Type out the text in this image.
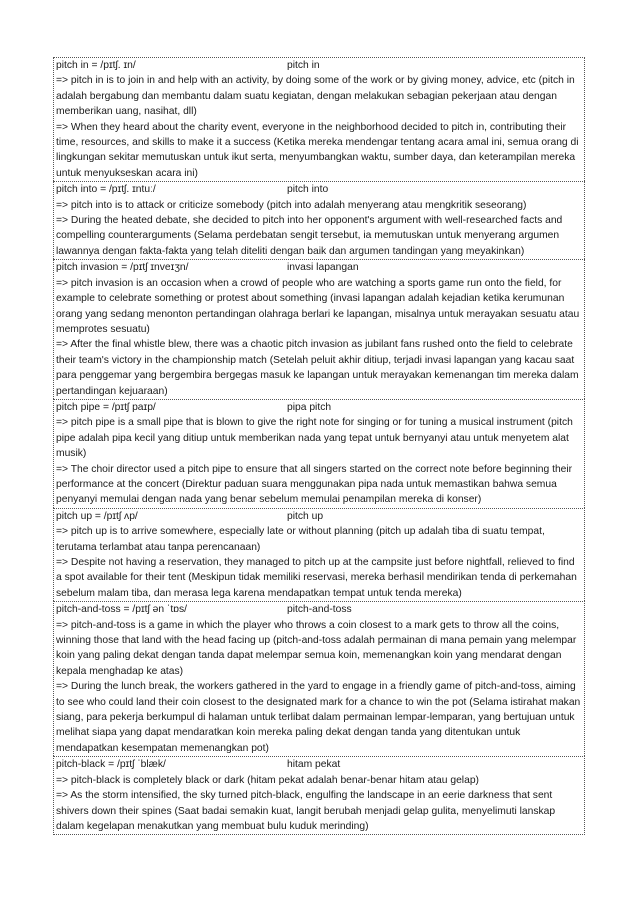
pitch in = /pɪtʃ. ɪn/	pitch in
=> pitch in is to join in and help with an activity, by doing some of the work or by giving money, advice, etc (pitch in adalah bergabung dan membantu dalam suatu kegiatan, dengan melakukan sebagian pekerjaan atau dengan memberikan uang, nasihat, dll)
=> When they heard about the charity event, everyone in the neighborhood decided to pitch in, contributing their time, resources, and skills to make it a success (Ketika mereka mendengar tentang acara amal ini, semua orang di lingkungan sekitar memutuskan untuk ikut serta, menyumbangkan waktu, sumber daya, dan keterampilan mereka untuk menyukseskan acara ini)
pitch into = /pɪtʃ. ɪntuː/	pitch into
=> pitch into is to attack or criticize somebody (pitch into adalah menyerang atau mengkritik seseorang)
=> During the heated debate, she decided to pitch into her opponent's argument with well-researched facts and compelling counterarguments (Selama perdebatan sengit tersebut, ia memutuskan untuk menyerang argumen lawannya dengan fakta-fakta yang telah diteliti dengan baik dan argumen tandingan yang meyakinkan)
pitch invasion = /pɪtʃ ɪnveɪʒn/	invasi lapangan
=> pitch invasion is an occasion when a crowd of people who are watching a sports game run onto the field, for example to celebrate something or protest about something (invasi lapangan adalah kejadian ketika kerumunan orang yang sedang menonton pertandingan olahraga berlari ke lapangan, misalnya untuk merayakan sesuatu atau memprotes sesuatu)
=> After the final whistle blew, there was a chaotic pitch invasion as jubilant fans rushed onto the field to celebrate their team's victory in the championship match (Setelah peluit akhir ditiup, terjadi invasi lapangan yang kacau saat para penggemar yang bergembira bergegas masuk ke lapangan untuk merayakan kemenangan tim mereka dalam pertandingan kejuaraan)
pitch pipe = /pɪtʃ paɪp/	pipa pitch
=> pitch pipe is a small pipe that is blown to give the right note for singing or for tuning a musical instrument (pitch pipe adalah pipa kecil yang ditiup untuk memberikan nada yang tepat untuk bernyanyi atau untuk menyetem alat musik)
=> The choir director used a pitch pipe to ensure that all singers started on the correct note before beginning their performance at the concert (Direktur paduan suara menggunakan pipa nada untuk memastikan bahwa semua penyanyi memulai dengan nada yang benar sebelum memulai penampilan mereka di konser)
pitch up = /pɪtʃ ʌp/	pitch up
=> pitch up is to arrive somewhere, especially late or without planning (pitch up adalah tiba di suatu tempat, terutama terlambat atau tanpa perencanaan)
=> Despite not having a reservation, they managed to pitch up at the campsite just before nightfall, relieved to find a spot available for their tent (Meskipun tidak memiliki reservasi, mereka berhasil mendirikan tenda di perkemahan sebelum malam tiba, dan merasa lega karena mendapatkan tempat untuk tenda mereka)
pitch-and-toss = /pɪtʃ ən ˈtɒs/	pitch-and-toss
=> pitch-and-toss is a game in which the player who throws a coin closest to a mark gets to throw all the coins, winning those that land with the head facing up (pitch-and-toss adalah permainan di mana pemain yang melempar koin yang paling dekat dengan tanda dapat melempar semua koin, memenangkan koin yang mendarat dengan kepala menghadap ke atas)
=> During the lunch break, the workers gathered in the yard to engage in a friendly game of pitch-and-toss, aiming to see who could land their coin closest to the designated mark for a chance to win the pot (Selama istirahat makan siang, para pekerja berkumpul di halaman untuk terlibat dalam permainan lempar-lemparan, yang bertujuan untuk melihat siapa yang dapat mendaratkan koin mereka paling dekat dengan tanda yang ditentukan untuk mendapatkan kesempatan memenangkan pot)
pitch-black = /pɪtʃ ˈblæk/	hitam pekat
=> pitch-black is completely black or dark (hitam pekat adalah benar-benar hitam atau gelap)
=> As the storm intensified, the sky turned pitch-black, engulfing the landscape in an eerie darkness that sent shivers down their spines (Saat badai semakin kuat, langit berubah menjadi gelap gulita, menyelimuti lanskap dalam kegelapan menakutkan yang membuat bulu kuduk merinding)
